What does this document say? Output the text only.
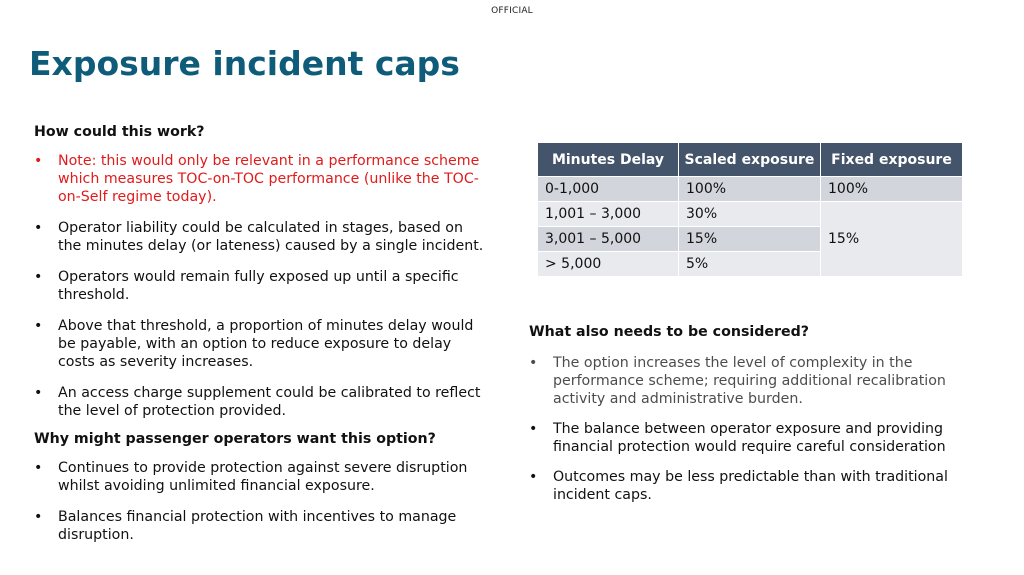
OFFICIAL
Exposure incident caps

How could this work?

• Note: this would only be relevant in a performance scheme which measures TOC-on-TOC performance (unlike the TOC-on-Self regime today).
• Operator liability could be calculated in stages, based on the minutes delay (or lateness) caused by a single incident.
• Operators would remain fully exposed up until a specific threshold.
• Above that threshold, a proportion of minutes delay would be payable, with an option to reduce exposure to delay costs as severity increases.
• An access charge supplement could be calibrated to reflect the level of protection provided.

Why might passenger operators want this option?

• Continues to provide protection against severe disruption whilst avoiding unlimited financial exposure.
• Balances financial protection with incentives to manage disruption.
Minutes Delay	Scaled exposure	Fixed exposure
0-1,000	100%	100%
1,001 – 3,000	30%	15%
3,001 – 5,000	15%	
> 5,000	5%	

What also needs to be considered?

• The option increases the level of complexity in the performance scheme; requiring additional recalibration activity and administrative burden.
• The balance between operator exposure and providing financial protection would require careful consideration
• Outcomes may be less predictable than with traditional incident caps.
